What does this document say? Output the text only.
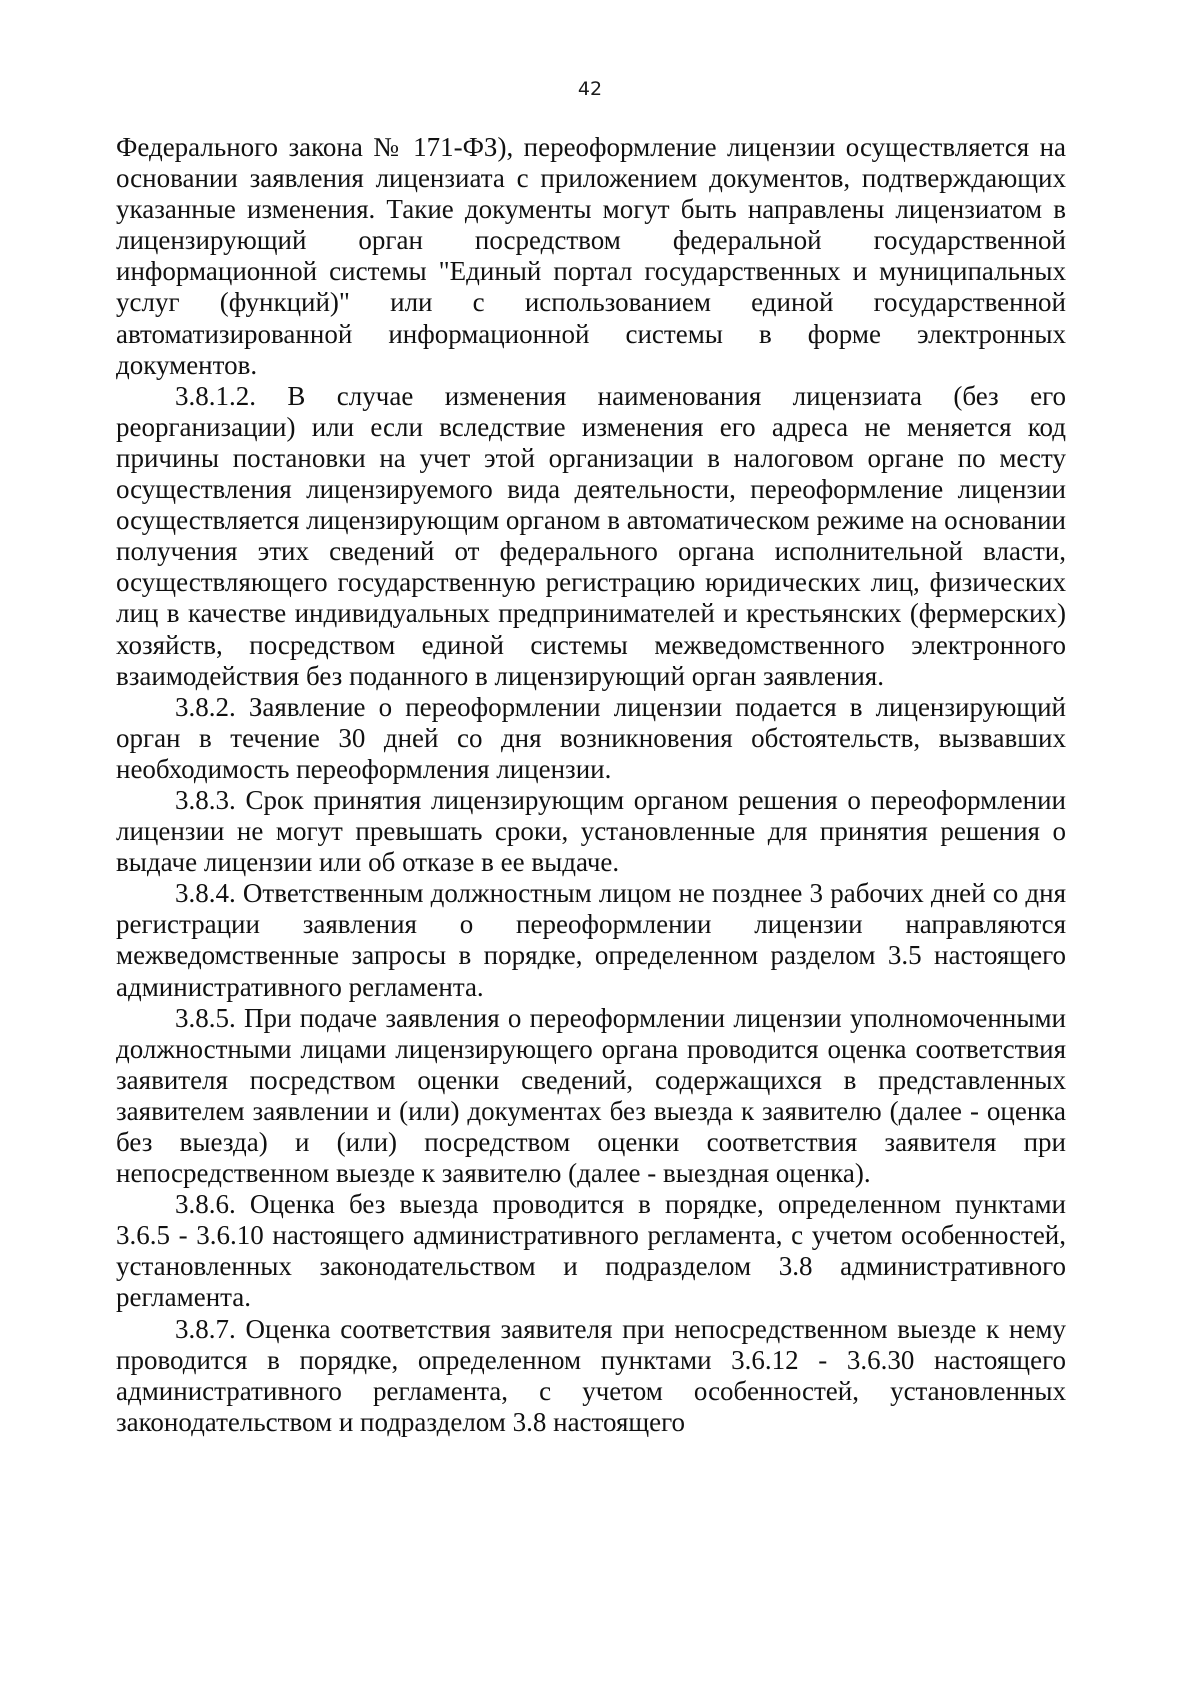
42

Федерального закона № 171-ФЗ), переоформление лицензии осуществляется на основании заявления лицензиата с приложением документов, подтверждающих указанные изменения. Такие документы могут быть направлены лицензиатом в лицензирующий орган посредством федеральной государственной информационной системы "Единый портал государственных и муниципальных услуг (функций)" или с использованием единой государственной автоматизированной информационной системы в форме электронных документов.

3.8.1.2. В случае изменения наименования лицензиата (без его реорганизации) или если вследствие изменения его адреса не меняется код причины постановки на учет этой организации в налоговом органе по месту осуществления лицензируемого вида деятельности, переоформление лицензии осуществляется лицензирующим органом в автоматическом режиме на основании получения этих сведений от федерального органа исполнительной власти, осуществляющего государственную регистрацию юридических лиц, физических лиц в качестве индивидуальных предпринимателей и крестьянских (фермерских) хозяйств, посредством единой системы межведомственного электронного взаимодействия без поданного в лицензирующий орган заявления.

3.8.2. Заявление о переоформлении лицензии подается в лицензирующий орган в течение 30 дней со дня возникновения обстоятельств, вызвавших необходимость переоформления лицензии.

3.8.3. Срок принятия лицензирующим органом решения о переоформлении лицензии не могут превышать сроки, установленные для принятия решения о выдаче лицензии или об отказе в ее выдаче.

3.8.4. Ответственным должностным лицом не позднее 3 рабочих дней со дня регистрации заявления о переоформлении лицензии направляются межведомственные запросы в порядке, определенном разделом 3.5 настоящего административного регламента.

3.8.5. При подаче заявления о переоформлении лицензии уполномоченными должностными лицами лицензирующего органа проводится оценка соответствия заявителя посредством оценки сведений, содержащихся в представленных заявителем заявлении и (или) документах без выезда к заявителю (далее - оценка без выезда) и (или) посредством оценки соответствия заявителя при непосредственном выезде к заявителю (далее - выездная оценка).

3.8.6. Оценка без выезда проводится в порядке, определенном пунктами 3.6.5 - 3.6.10 настоящего административного регламента, с учетом особенностей, установленных законодательством и подразделом 3.8 административного регламента.

3.8.7. Оценка соответствия заявителя при непосредственном выезде к нему проводится в порядке, определенном пунктами 3.6.12 - 3.6.30 настоящего административного регламента, с учетом особенностей, установленных законодательством и подразделом 3.8 настоящего
